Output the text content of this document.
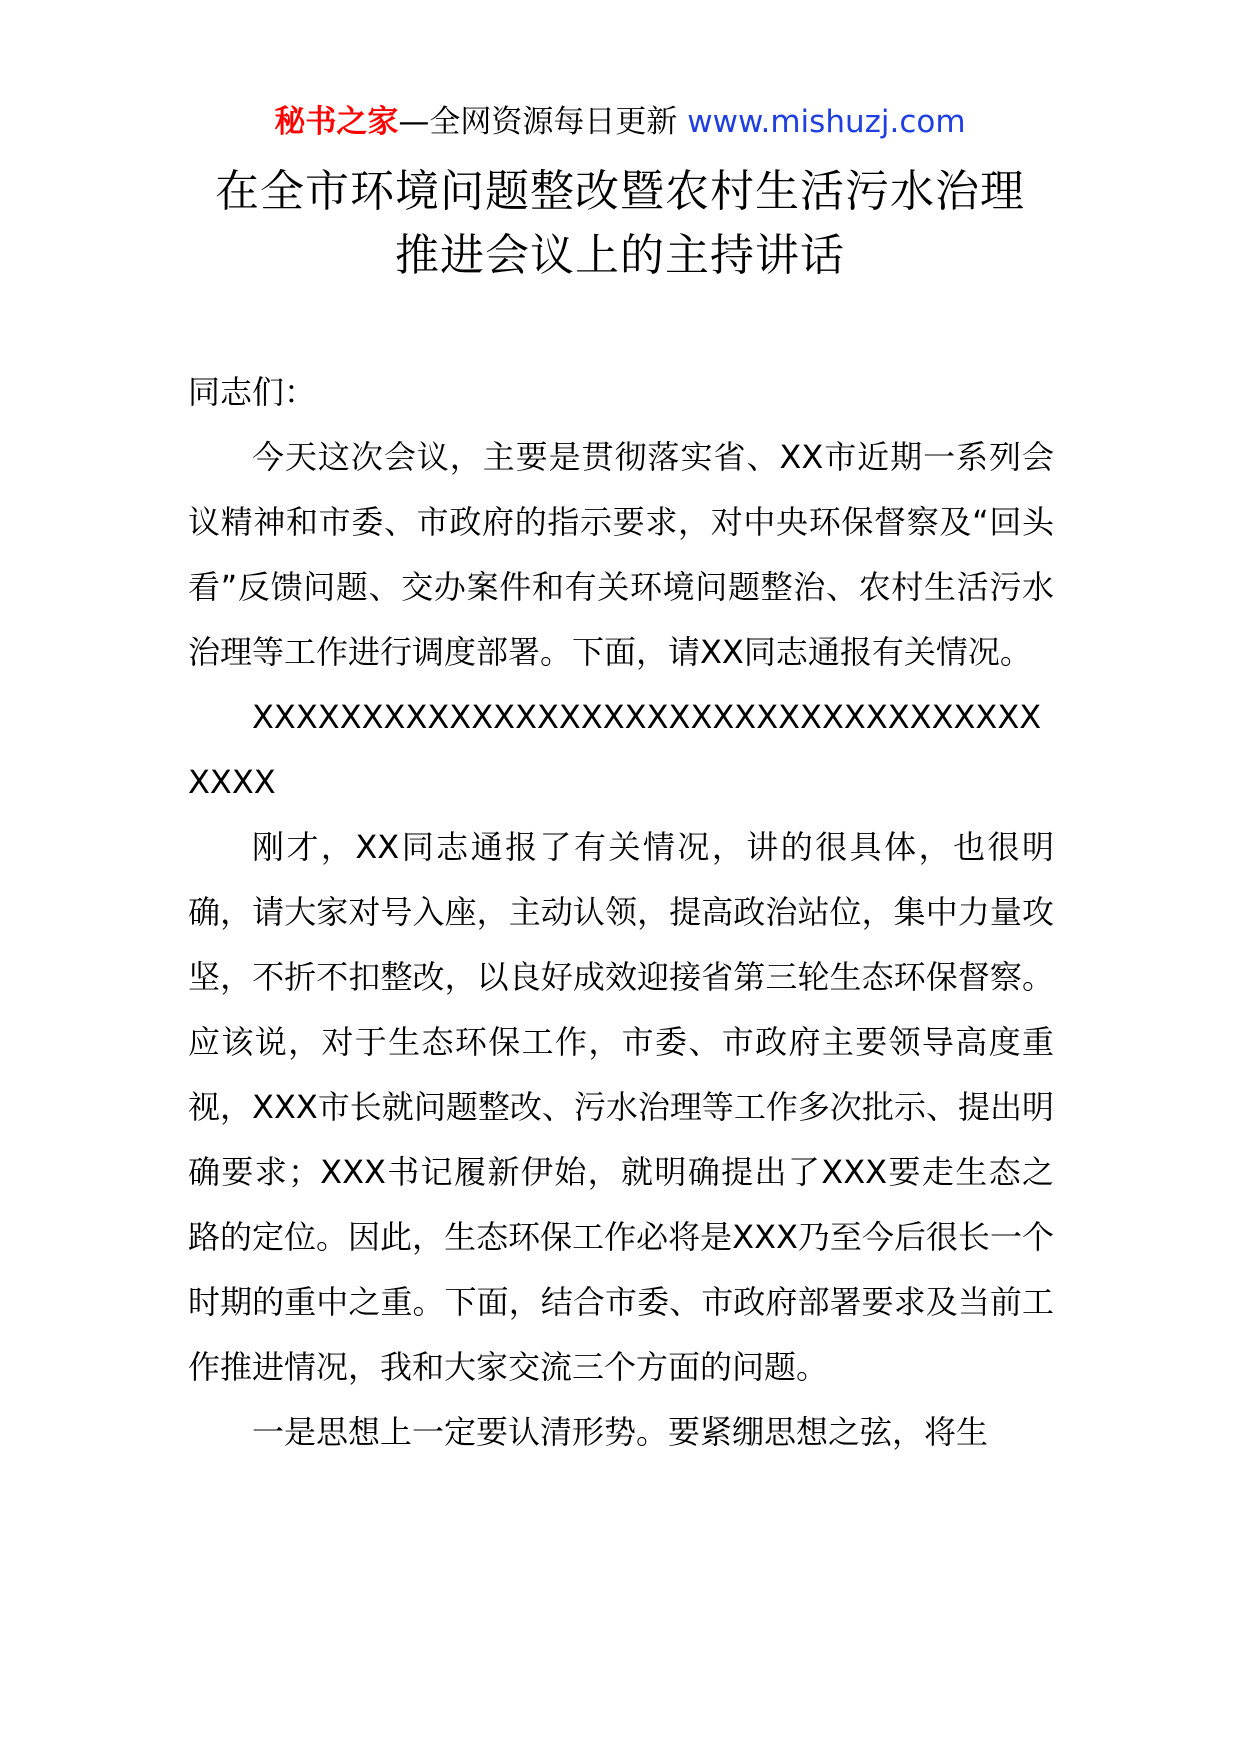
秘书之家—全网资源每日更新 www.mishuzj.com
在全市环境问题整改暨农村生活污水治理
推进会议上的主持讲话

同志们：

今天这次会议，主要是贯彻落实省、XX市近期一系列会议精神和市委、市政府的指示要求，对中央环保督察及“回头看”反馈问题、交办案件和有关环境问题整治、农村生活污水治理等工作进行调度部署。下面，请XX同志通报有关情况。

XXXXXXXXXXXXXXXXXXXXXXXXXXXXXXXXXXXXXXXX

刚才，XX同志通报了有关情况，讲的很具体，也很明确，请大家对号入座，主动认领，提高政治站位，集中力量攻坚，不折不扣整改，以良好成效迎接省第三轮生态环保督察。应该说，对于生态环保工作，市委、市政府主要领导高度重视，XXX市长就问题整改、污水治理等工作多次批示、提出明确要求；XXX书记履新伊始，就明确提出了XXX要走生态之路的定位。因此，生态环保工作必将是XXX乃至今后很长一个时期的重中之重。下面，结合市委、市政府部署要求及当前工作推进情况，我和大家交流三个方面的问题。

一是思想上一定要认清形势。要紧绷思想之弦，将生
